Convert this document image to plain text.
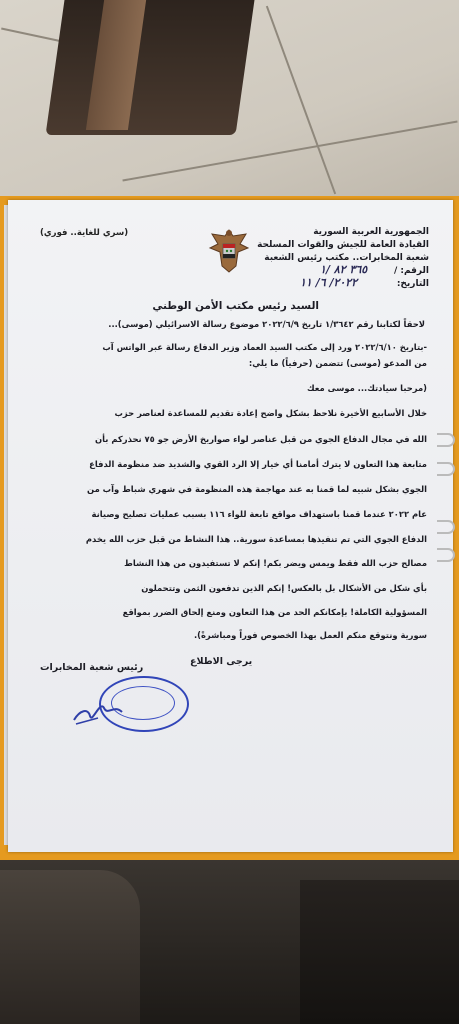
(سري للغاية.. فوري)	الجمهورية العربية السورية
القيادة العامة للجيش والقوات المسلحة
شعبة المخابرات.. مكتب رئيس الشعبة
الرقم: /
٣٦٥ ٨٢ /١
التاريخ:
٢٠٢٢/ ٦/ ١١
السيد رئيس مكتب الأمن الوطني
لاحقاً لكتابنا رقم ١/٣٦٤٢ تاريخ ٢٠٢٢/٦/٩ موضوع رسالة الاسرائيلي (موسى)...
-بتاريخ ٢٠٢٢/٦/١٠ ورد إلى مكتب السيد العماد وزير الدفاع رسالة عبر الواتس آب
من المدعو (موسى) تتضمن (حرفياً) ما يلي:
(مرحبا سيادتك... موسى معك
خلال الأسابيع الأخيرة نلاحظ بشكل واضح إعادة تقديم للمساعدة لعناصر حزب
الله في مجال الدفاع الجوي من قبل عناصر لواء صواريخ الأرض جو ٧٥ نحذركم بأن
متابعة هذا التعاون لا يترك أمامنا أي خيار إلا الرد القوي والشديد ضد منظومة الدفاع
الجوي بشكل شبيه لما قمنا به عند مهاجمة هذه المنظومة في شهري شباط وآب من
عام ٢٠٢٢ عندما قمنا باستهداف مواقع تابعة للواء ١١٦ بسبب عمليات تصليح وصيانة
الدفاع الجوي التي تم تنفيذها بمساعدة سورية.. هذا النشاط من قبل حزب الله يخدم
مصالح حزب الله فقط ويمس ويضر بكم! إنكم لا تستفيدون من هذا النشاط
بأي شكل من الأشكال بل بالعكس! إنكم الذين تدفعون الثمن وتتحملون
المسؤولية الكاملة! بإمكانكم الحد من هذا التعاون ومنع إلحاق الضرر بمواقع
سورية ونتوقع منكم العمل بهذا الخصوص فوراً ومباشرةً).
يرجى الاطلاع
رئيس شعبة المخابرات
